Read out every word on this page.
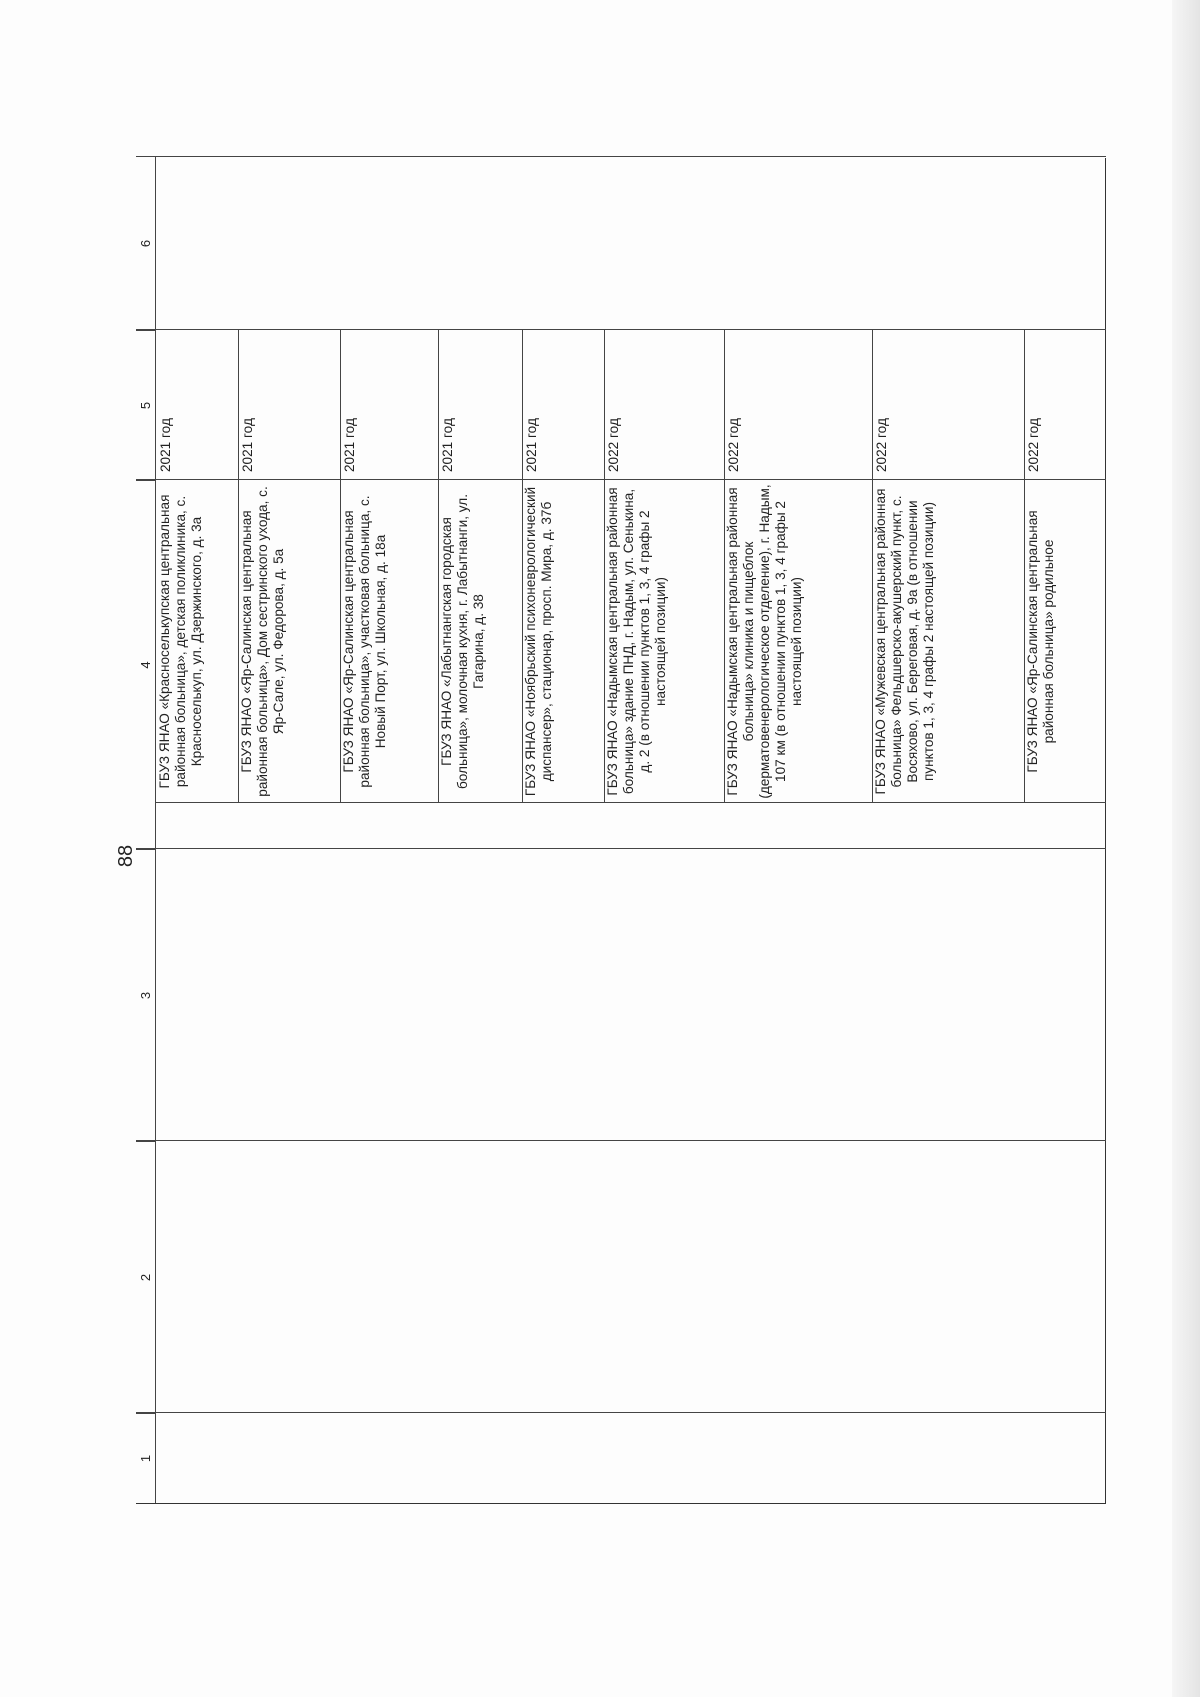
88
1
2
3
4
5
6
ГБУЗ ЯНАО «Красноселькупская центральная районная больница», детская поликлиника, с. Красноселькуп, ул. Дзержинского, д. 3а
2021 год
ГБУЗ ЯНАО «Яр-Салинская центральная районная больница», Дом сестринского ухода, с. Яр-Сале, ул. Федорова, д. 5а
2021 год
ГБУЗ ЯНАО «Яр-Салинская центральная районная больница», участковая больница, с. Новый Порт, ул. Школьная, д. 18а
2021 год
ГБУЗ ЯНАО «Лабытнангская городская больница», молочная кухня, г. Лабытнанги, ул. Гагарина, д. 38
2021 год
ГБУЗ ЯНАО «Ноябрьский психоневрологический диспансер», стационар, просп. Мира, д. 37б
2021 год
ГБУЗ ЯНАО «Надымская центральная районная больница» здание ПНД, г. Надым, ул. Сенькина, д. 2 (в отношении пунктов 1, 3, 4 графы 2 настоящей позиции)
2022 год
ГБУЗ ЯНАО «Надымская центральная районная больница» клиника и пищеблок (дерматовенерологическое отделение), г. Надым, 107 км (в отношении пунктов 1, 3, 4 графы 2 настоящей позиции)
2022 год
ГБУЗ ЯНАО «Мужевская центральная районная больница» Фельдшерско-акушерский пункт, с. Восяхово, ул. Береговая, д. 9а (в отношении пунктов 1, 3, 4 графы 2 настоящей позиции)
2022 год
ГБУЗ ЯНАО «Яр-Салинская центральная районная больница» родильное
2022 год
